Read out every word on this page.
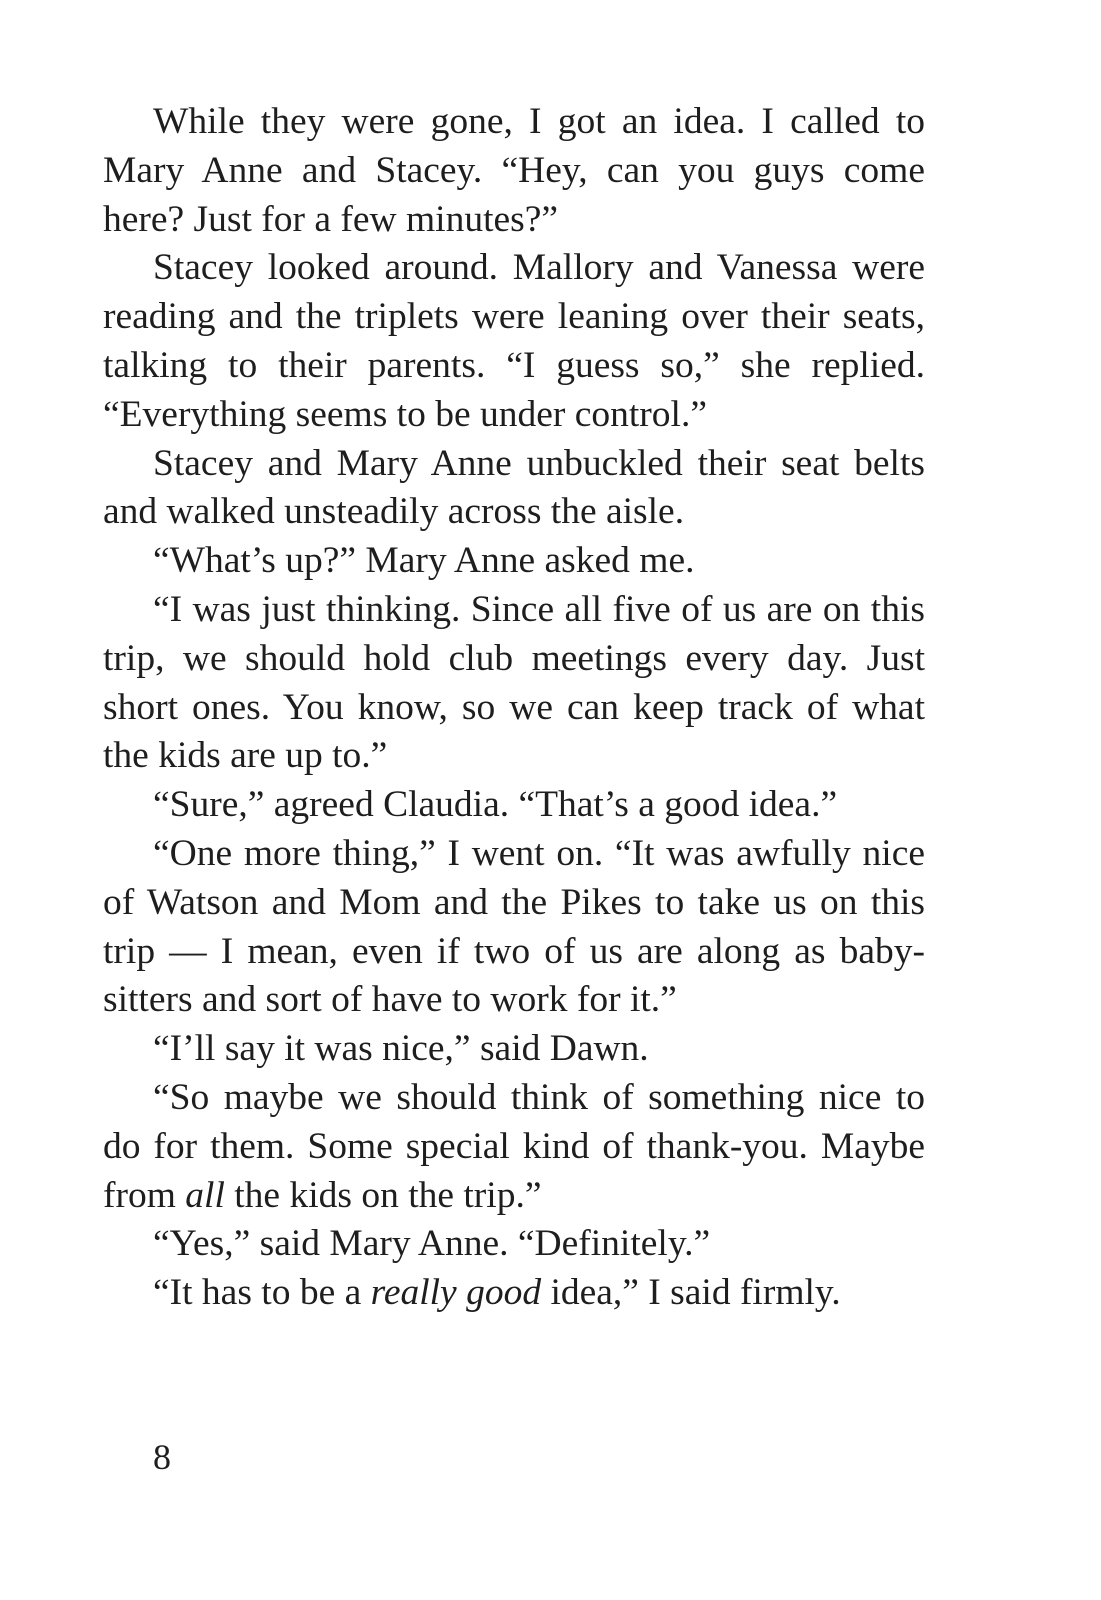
While they were gone, I got an idea. I called to Mary Anne and Stacey. “Hey, can you guys come here? Just for a few minutes?”

Stacey looked around. Mallory and Vanessa were reading and the triplets were leaning over their seats, talking to their parents. “I guess so,” she replied. “Everything seems to be under control.”

Stacey and Mary Anne unbuckled their seat belts and walked unsteadily across the aisle.

“What’s up?” Mary Anne asked me.

“I was just thinking. Since all five of us are on this trip, we should hold club meetings every day. Just short ones. You know, so we can keep track of what the kids are up to.”

“Sure,” agreed Claudia. “That’s a good idea.”

“One more thing,” I went on. “It was awfully nice of Watson and Mom and the Pikes to take us on this trip — I mean, even if two of us are along as baby-sitters and sort of have to work for it.”

“I’ll say it was nice,” said Dawn.

“So maybe we should think of something nice to do for them. Some special kind of thank-you. Maybe from all the kids on the trip.”

“Yes,” said Mary Anne. “Definitely.”

“It has to be a really good idea,” I said firmly.

8
